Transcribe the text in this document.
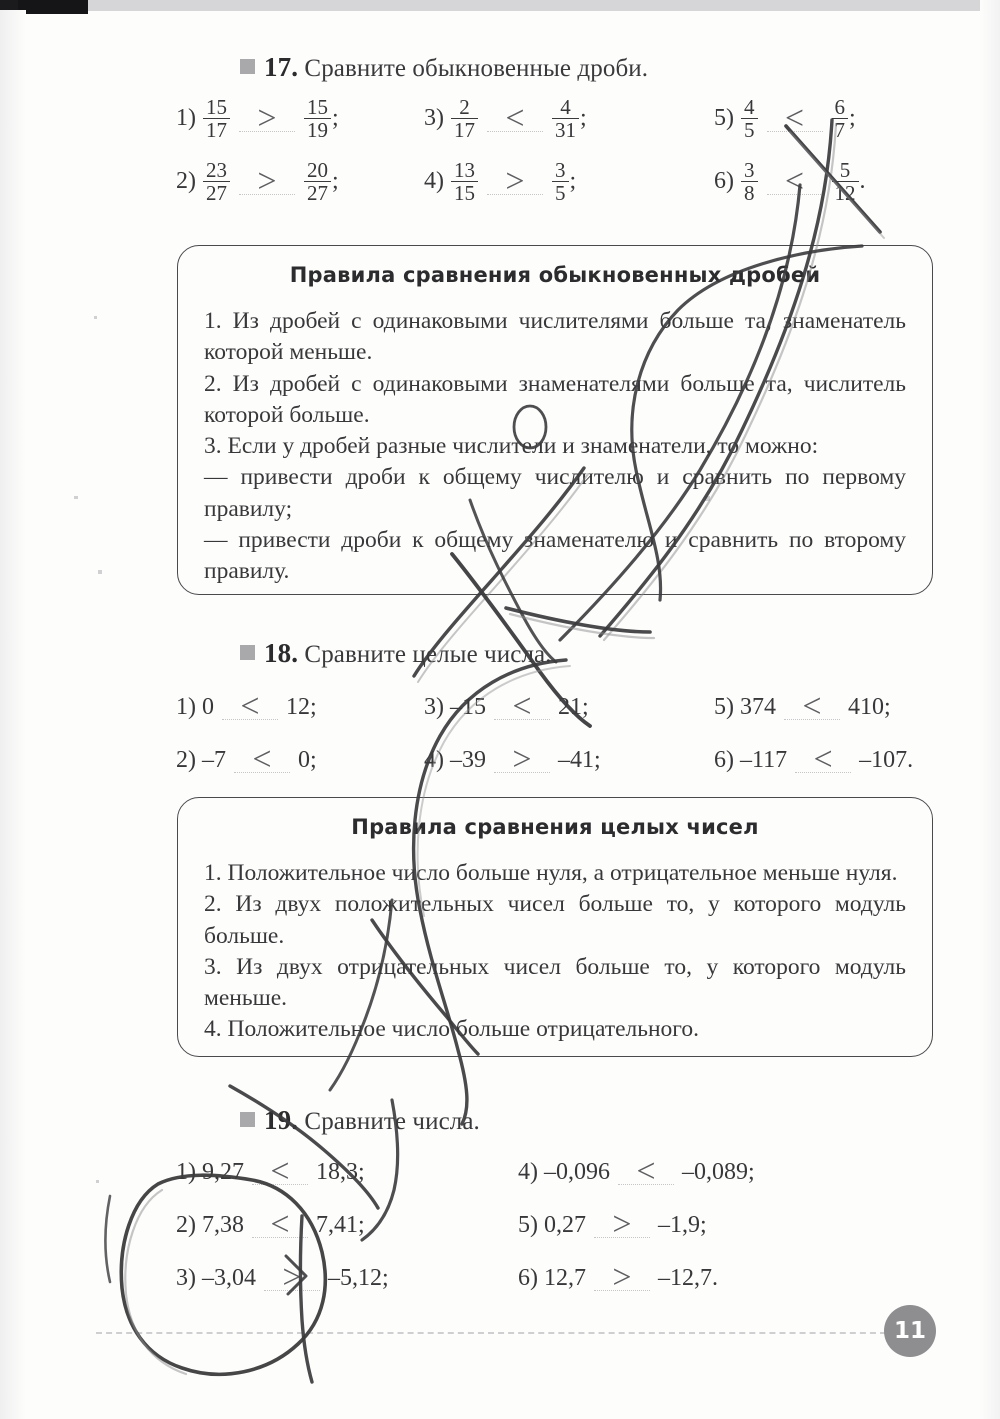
17. Сравните обыкновенные дроби.
$1) \frac{15}{17} > \frac{15}{19}$ ;
$2) \frac{23}{27} > \frac{20}{27}$ ;
$3) \frac{2}{17} < \frac{4}{31}$ ;
$4) \frac{13}{15} > \frac{3}{5}$ ;
$5) \frac{4}{5} < \frac{6}{7}$ ;
$6) \frac{3}{8} < \frac{5}{12}$ .
Правила сравнения обыкновенных дробей

1. Из дробей с одинаковыми числителями больше та, знаменатель которой меньше.

2. Из дробей с одинаковыми знаменателями больше та, числитель которой больше.

3. Если у дробей разные числители и знаменатели, то можно:

— привести дроби к общему числителю и сравнить по первому правилу;

— привести дроби к общему знаменателю и сравнить по второму правилу.

18. Сравните целые числа.
1) 0 < 12 ;
2) –7 < 0 ;
3) –15 < 21 ;
4) –39 > –41 ;
5) 374 < 410 ;
6) –117 < –107 .
Правила сравнения целых чисел

1. Положительное число больше нуля, а отрицательное меньше нуля.

2. Из двух положительных чисел больше то, у которого модуль больше.

3. Из двух отрицательных чисел больше то, у которого модуль меньше.

4. Положительное число больше отрицательного.

19. Сравните числа.
1) 9,27 < 18,3 ;
2) 7,38 < 7,41 ;
3) –3,04 > –5,12 ;
4) –0,096 < –0,089 ;
5) 0,27 > –1,9 ;
6) 12,7 > –12,7 .
11
